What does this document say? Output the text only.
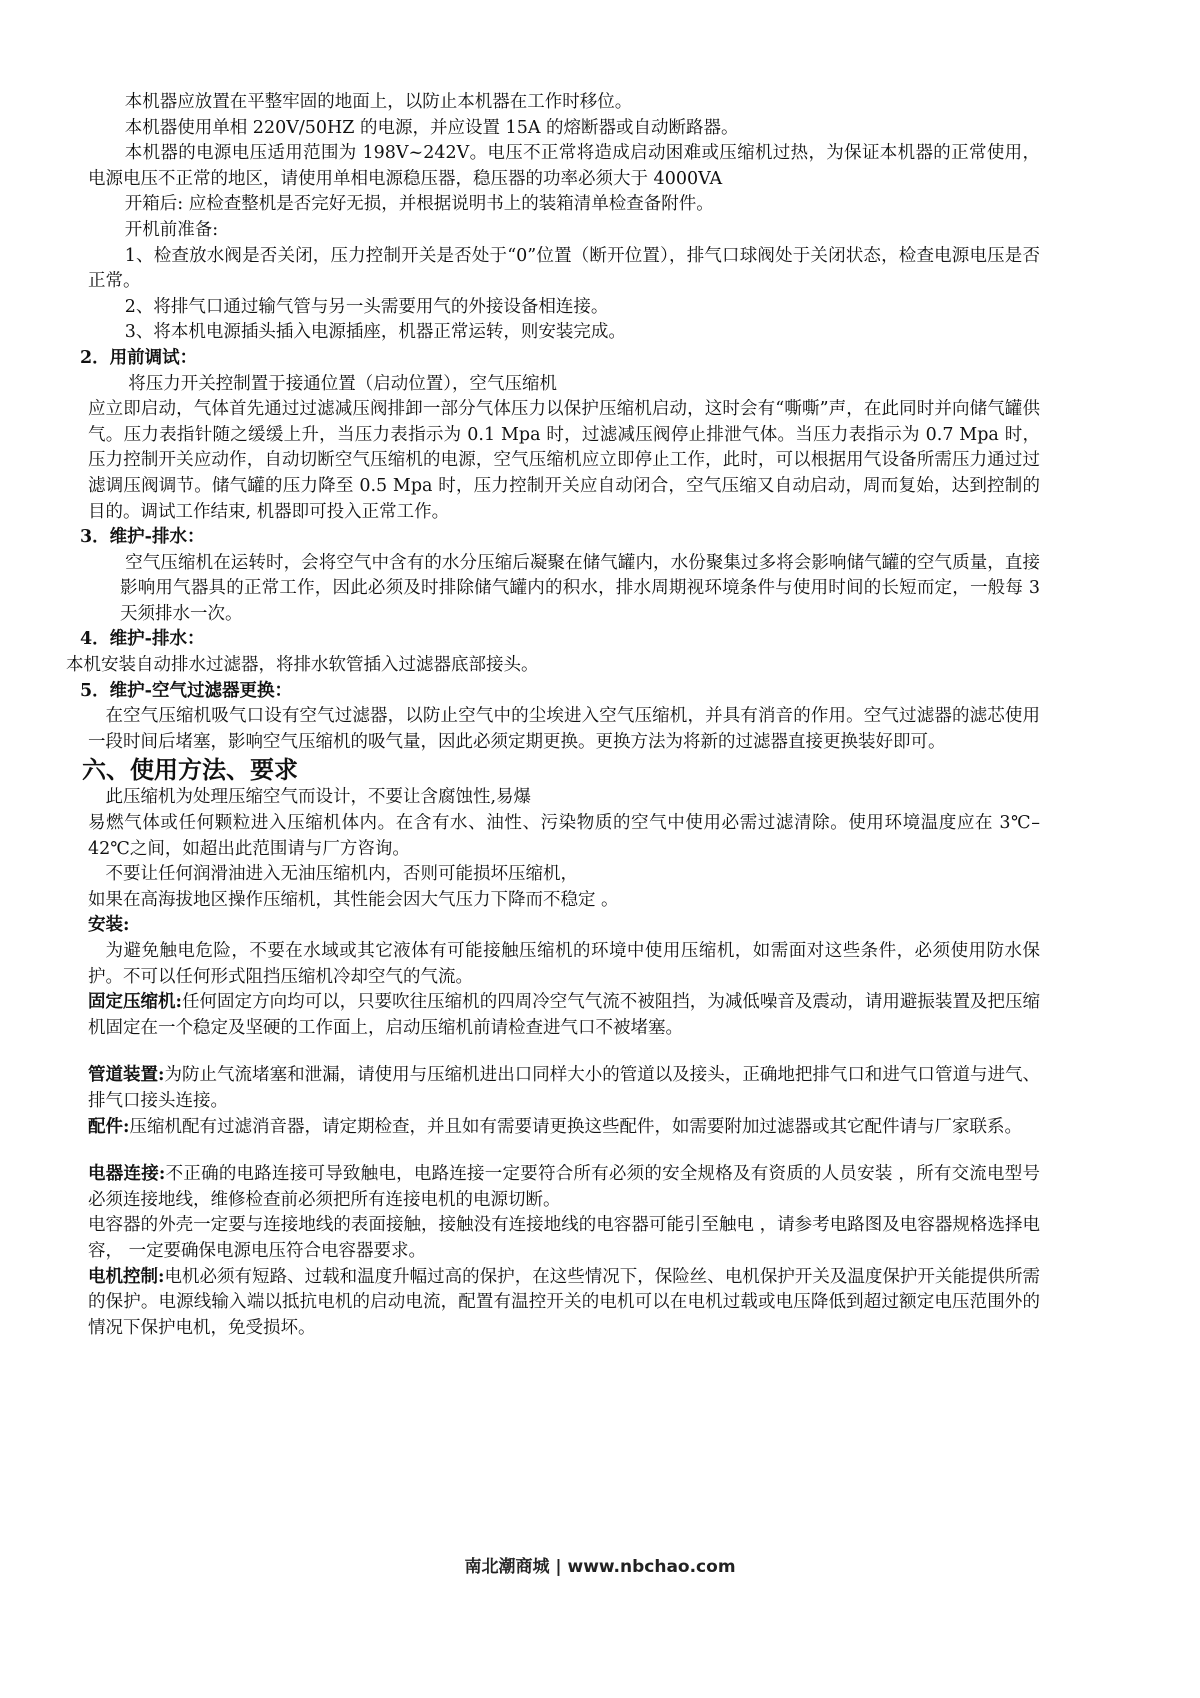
本机器应放置在平整牢固的地面上，以防止本机器在工作时移位。

本机器使用单相 220V/50HZ 的电源，并应设置 15A 的熔断器或自动断路器。

本机器的电源电压适用范围为 198V~242V。电压不正常将造成启动困难或压缩机过热，为保证本机器的正常使用，电源电压不正常的地区，请使用单相电源稳压器，稳压器的功率必须大于 4000VA

开箱后: 应检查整机是否完好无损，并根据说明书上的装箱清单检查备附件。

开机前准备:

1、检查放水阀是否关闭，压力控制开关是否处于“0”位置（断开位置），排气口球阀处于关闭状态，检查电源电压是否正常。

2、将排气口通过输气管与另一头需要用气的外接设备相连接。

3、将本机电源插头插入电源插座，机器正常运转，则安装完成。

2．用前调试：

将压力开关控制置于接通位置（启动位置），空气压缩机

应立即启动，气体首先通过过滤减压阀排卸一部分气体压力以保护压缩机启动，这时会有“嘶嘶”声，在此同时并向储气罐供气。压力表指针随之缓缓上升，当压力表指示为 0.1 Mpa 时，过滤减压阀停止排泄气体。当压力表指示为 0.7 Mpa 时，压力控制开关应动作，自动切断空气压缩机的电源，空气压缩机应立即停止工作，此时，可以根据用气设备所需压力通过过滤调压阀调节。储气罐的压力降至 0.5 Mpa 时，压力控制开关应自动闭合，空气压缩又自动启动，周而复始，达到控制的目的。调试工作结束, 机器即可投入正常工作。

3．维护-排水：

空气压缩机在运转时，会将空气中含有的水分压缩后凝聚在储气罐内，水份聚集过多将会影响储气罐的空气质量，直接影响用气器具的正常工作，因此必须及时排除储气罐内的积水，排水周期视环境条件与使用时间的长短而定，一般每 3 天须排水一次。

4．维护-排水：

本机安装自动排水过滤器，将排水软管插入过滤器底部接头。

5．维护-空气过滤器更换：

在空气压缩机吸气口设有空气过滤器，以防止空气中的尘埃进入空气压缩机，并具有消音的作用。空气过滤器的滤芯使用一段时间后堵塞，影响空气压缩机的吸气量，因此必须定期更换。更换方法为将新的过滤器直接更换装好即可。

六、使用方法、要求

此压缩机为处理压缩空气而设计，不要让含腐蚀性,易爆

易燃气体或任何颗粒进入压缩机体内。在含有水、油性、污染物质的空气中使用必需过滤清除。使用环境温度应在 3℃–42℃之间，如超出此范围请与厂方咨询。

不要让任何润滑油进入无油压缩机内，否则可能损坏压缩机，

如果在高海拔地区操作压缩机，其性能会因大气压力下降而不稳定 。

安装:

为避免触电危险，不要在水域或其它液体有可能接触压缩机的环境中使用压缩机，如需面对这些条件，必须使用防水保护。不可以任何形式阻挡压缩机冷却空气的气流。

固定压缩机:任何固定方向均可以，只要吹往压缩机的四周冷空气气流不被阻挡，为减低噪音及震动，请用避振装置及把压缩机固定在一个稳定及坚硬的工作面上，启动压缩机前请检查进气口不被堵塞。

管道装置:为防止气流堵塞和泄漏，请使用与压缩机进出口同样大小的管道以及接头，正确地把排气口和进气口管道与进气、排气口接头连接。

配件:压缩机配有过滤消音器，请定期检查，并且如有需要请更换这些配件，如需要附加过滤器或其它配件请与厂家联系。

电器连接:不正确的电路连接可导致触电，电路连接一定要符合所有必须的安全规格及有资质的人员安装 ，所有交流电型号必须连接地线，维修检查前必须把所有连接电机的电源切断。

电容器的外壳一定要与连接地线的表面接触，接触没有连接地线的电容器可能引至触电 ，请参考电路图及电容器规格选择电容， 一定要确保电源电压符合电容器要求。

电机控制:电机必须有短路、过载和温度升幅过高的保护，在这些情况下，保险丝、电机保护开关及温度保护开关能提供所需的保护。电源线输入端以抵抗电机的启动电流，配置有温控开关的电机可以在电机过载或电压降低到超过额定电压范围外的情况下保护电机，免受损坏。

南北潮商城 | www.nbchao.com
